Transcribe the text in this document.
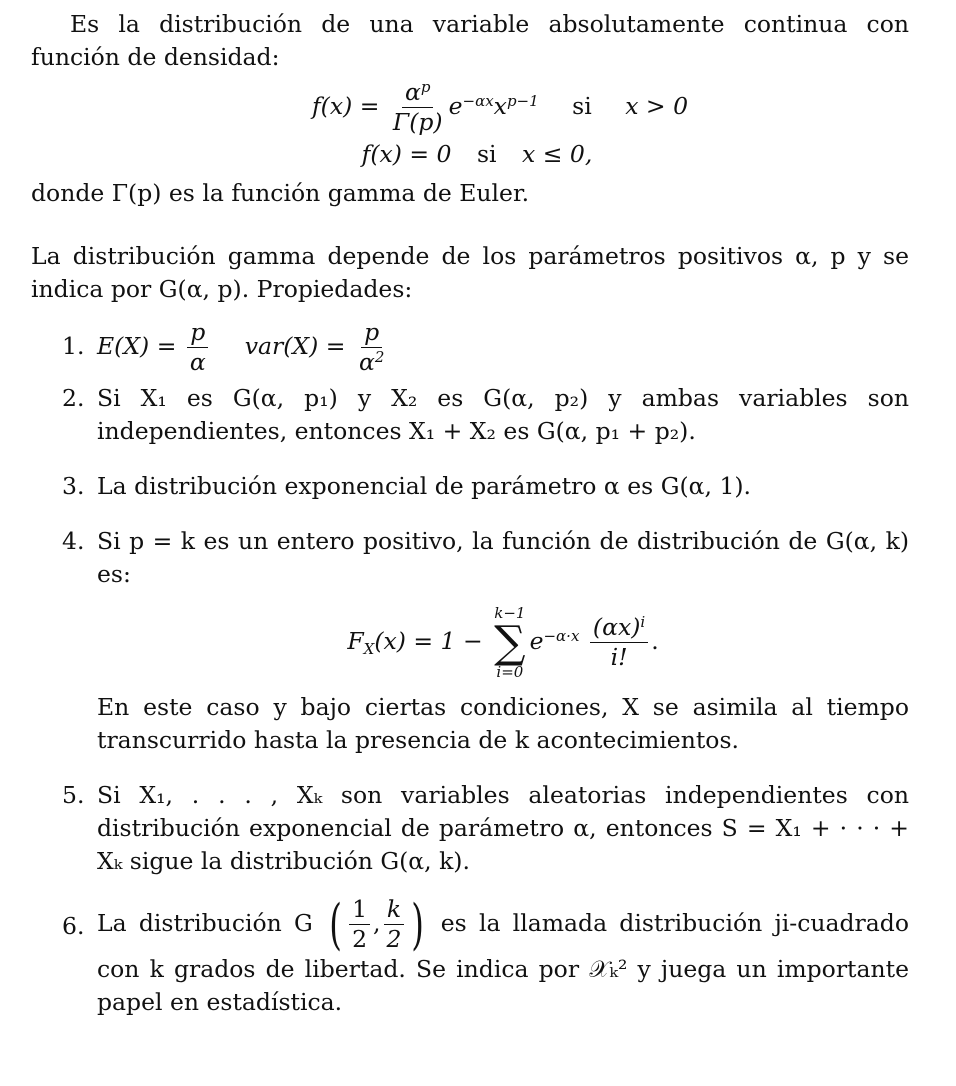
Es la distribución de una variable absolutamente continua con función de densidad:

$f(x) = \frac{\alpha^p}{\Gamma(p)} e^{-\alpha x}x^{p-1}$ si x > 0

f(x) = 0 si x ≤ 0,

donde Γ(p) es la función gamma de Euler.

La distribución gamma depende de los parámetros positivos α, p y se indica por G(α, p). Propiedades:

1. $E(X) = \frac{p}{\alpha} var(X) = \frac{p}{\alpha^2}$
2. Si X₁ es G(α, p₁) y X₂ es G(α, p₂) y ambas variables son independientes, entonces X₁ + X₂ es G(α, p₁ + p₂).

3. La distribución exponencial de parámetro α es G(α, 1).

4. Si p = k es un entero positivo, la función de distribución de G(α, k) es:

$F_X(x) = 1$ −
k−1
∑
i=0
$e^{-\alpha\cdot x} \frac{(\alpha x)^i}{i!}$ .

En este caso y bajo ciertas condiciones, X se asimila al tiempo transcurrido hasta la presencia de k acontecimientos.

5. Si X₁, . . . , Xₖ son variables aleatorias independientes con distribución exponencial de parámetro α, entonces S = X₁ + · · · + Xₖ sigue la distribución G(α, k).

6. La distribución G ( $\frac{1}{2}$ , $\frac{k}{2}$ ) es la llamada distribución ji-cuadrado con k grados de libertad. Se indica por 𝒳ₖ² y juega un importante papel en estadística.
